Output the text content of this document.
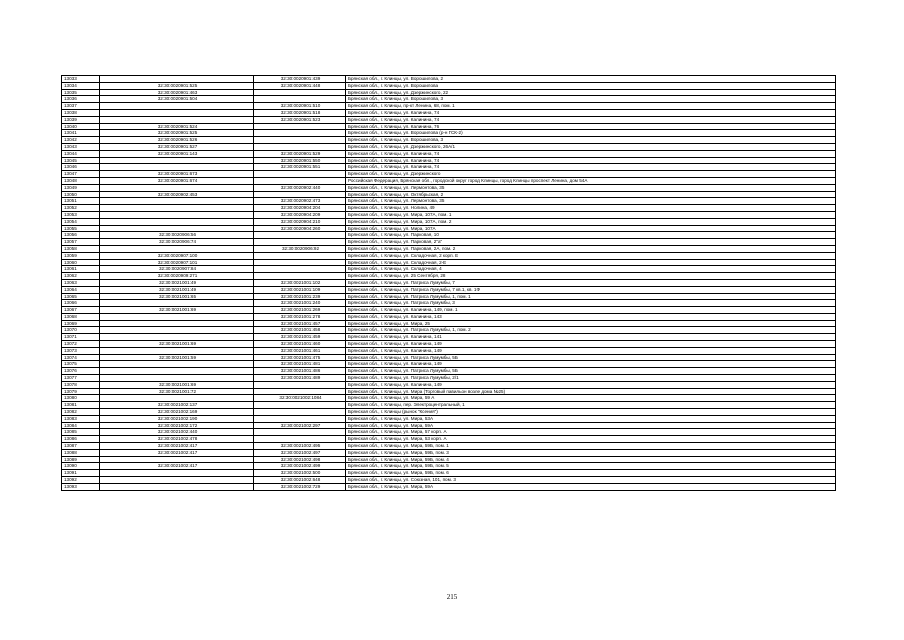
13033		32:30:0020901:439	Брянская обл., г. Клинцы, ул. Ворошилова, 2
13034	32:30:0020901:525	32:30:0020901:448	Брянская обл., г. Клинцы, ул. Ворошилова
13035	32:30:0020901:463		Брянская обл., г. Клинцы, ул. Дзержинского, 22
13036	32:30:0020901:504		Брянская обл., г. Клинцы, ул. Ворошилова, 3
13037		32:30:0020901:510	Брянская обл., г. Клинцы, пр-кт Ленина, 68, пом. 1
13038		32:30:0020901:518	Брянская обл., г. Клинцы, ул. Калинина, 74
13039		32:30:0020901:523	Брянская обл., г. Клинцы, ул. Калинина, 74
13040	32:30:0020901:524		Брянская обл., г. Клинцы, ул. Калинина, 76
13041	32:30:0020901:525		Брянская обл., г. Клинцы, ул. Ворошилова (р-н ГСК-2)
13042	32:30:0020901:526		Брянская обл., г. Клинцы, ул. Ворошилова, 3
13043	32:30:0020901:527		Брянская обл., г. Клинцы, ул. Дзержинского, 26А/1
13044	32:30:0020901:143	32:30:0020901:529	Брянская обл., г. Клинцы, ул. Калинина, 74
13045		32:30:0020901:550	Брянская обл., г. Клинцы, ул. Калинина, 74
13046		32:30:0020901:551	Брянская обл., г. Клинцы, ул. Калинина, 74
13047	32:30:0020901:673		Брянская обл., г. Клинцы, ул. Дзержинского
13048	32:30:0020901:674		Российская Федерация, Брянская обл., городской округ город Клинцы, город Клинцы проспект Ленина, дом 54А
13049		32:30:0020902:440	Брянская обл., г. Клинцы, ул. Лермонтова, 35
13050	32:30:0020902:453		Брянская обл., г. Клинцы, ул. Октябрьская, 2
13051		32:30:0020902:473	Брянская обл., г. Клинцы, ул. Лермонтова, 35
13052		32:30:0020904:204	Брянская обл., г. Клинцы, ул. Нолина, 49
13053		32:30:0020904:209	Брянская обл., г. Клинцы, ул. Мира, 107А, пом. 1
13054		32:30:0020904:210	Брянская обл., г. Клинцы, ул. Мира, 107А, пом. 2
13055		32:30:0020904:260	Брянская обл., г. Клинцы, ул. Мира, 107А
13056	32:30:0020906:56		Брянская обл., г. Клинцы, ул. Парковая, 10
13057	32:30:0020906:74		Брянская обл., г. Клинцы, ул. Парковая, 2"а"
13058		32:30:0020906:92	Брянская обл., г. Клинцы, ул. Парковая, 2А, пом. 2
13059	32:30:0020907:100		Брянская обл., г. Клинцы, ул. Складочная, 2 корп. Е
13060	32:30:0020907:101		Брянская обл., г. Клинцы, ул. Складочная, 2-Е
13061	32:30:0020907:84		Брянская обл., г. Клинцы, ул. Складочная, 4
13062	32:30:0020909:271		Брянская обл., г. Клинцы, ул. 25 Сентября, 28
13063	32:30:0021001:49	32:30:0021001:102	Брянская обл., г. Клинцы, ул. Патриса Лумумбы, 7
13064	32:30:0021001:49	32:30:0021001:109	Брянская обл., г. Клинцы, ул. Патриса Лумумбы, 7 кв.1, кв. 1Ф
13065	32:30:0021001:65	32:30:0021001:239	Брянская обл., г. Клинцы, ул. Патриса Лумумбы, 1, пом. 1
13066		32:30:0021001:240	Брянская обл., г. Клинцы, ул. Патриса Лумумбы, 3
13067	32:30:0021001:69	32:30:0021001:269	Брянская обл., г. Клинцы, ул. Калинина, 149, пом. 1
13068		32:30:0021001:278	Брянская обл., г. Клинцы, ул. Калинина, 143
13069		32:30:0021001:457	Брянская обл., г. Клинцы, ул. Мира, 25
13070		32:30:0021001:458	Брянская обл., г. Клинцы, ул. Патриса Лумумбы, 1, пом. 2
13071		32:30:0021001:459	Брянская обл., г. Клинцы, ул. Калинина, 141
13072	32:30:0021001:69	32:30:0021001:460	Брянская обл., г. Клинцы, ул. Калинина, 149
13073		32:30:0021001:461	Брянская обл., г. Клинцы, ул. Калинина, 149
13074	32:30:0021001:59	32:30:0021001:475	Брянская обл., г. Клинцы, ул. Патриса Лумумбы, 5Б
13075		32:30:0021001:481	Брянская обл., г. Клинцы, ул. Калинина, 149
13076		32:30:0021001:486	Брянская обл., г. Клинцы, ул. Патриса Лумумбы, 5Б
13077		32:30:0021001:489	Брянская обл., г. Клинцы, ул. Патриса Лумумбы, 2/1
13078	32:30:0021001:69		Брянская обл., г. Клинцы, ул. Калинина, 149
13079	32:30:0021001:72		Брянская обл., г. Клинцы, ул. Мира (Торговый павильон возле дома №25)
13080		32:30:0021002:1084	Брянская обл., г. Клинцы, ул. Мира, 59 А
13081	32:30:0021002:137		Брянская обл., г. Клинцы, пер. Электроцентральный, 1
13082	32:30:0021002:169		Брянская обл., г. Клинцы (рынок "Ксения")
13083	32:30:0021002:190		Брянская обл., г. Клинцы, ул. Мира, 53А
13084	32:30:0021002:172	32:30:0021002:297	Брянская обл., г. Клинцы, ул. Мира, 59А
13085	32:30:0021002:440		Брянская обл., г. Клинцы, ул. Мира, 57 корп. А
13086	32:30:0021002:478		Брянская обл., г. Клинцы, ул. Мира, 53 корп. А
13087	32:30:0021002:417	32:30:0021002:495	Брянская обл., г. Клинцы, ул. Мира, 59Б, пом. 1
13088	32:30:0021002:417	32:30:0021002:497	Брянская обл., г. Клинцы, ул. Мира, 59Б, пом. 3
13089		32:30:0021002:498	Брянская обл., г. Клинцы, ул. Мира, 59Б, пом. 4
13090	32:30:0021002:417	32:30:0021002:499	Брянская обл., г. Клинцы, ул. Мира, 59Б, пом. 5
13091		32:30:0021002:500	Брянская обл., г. Клинцы, ул. Мира, 59Б, пом. 6
13092		32:30:0021002:648	Брянская обл., г. Клинцы, ул. Союзная, 101, пом. 3
13093		32:30:0021002:729	Брянская обл., г. Клинцы, ул. Мира, 59А
215
